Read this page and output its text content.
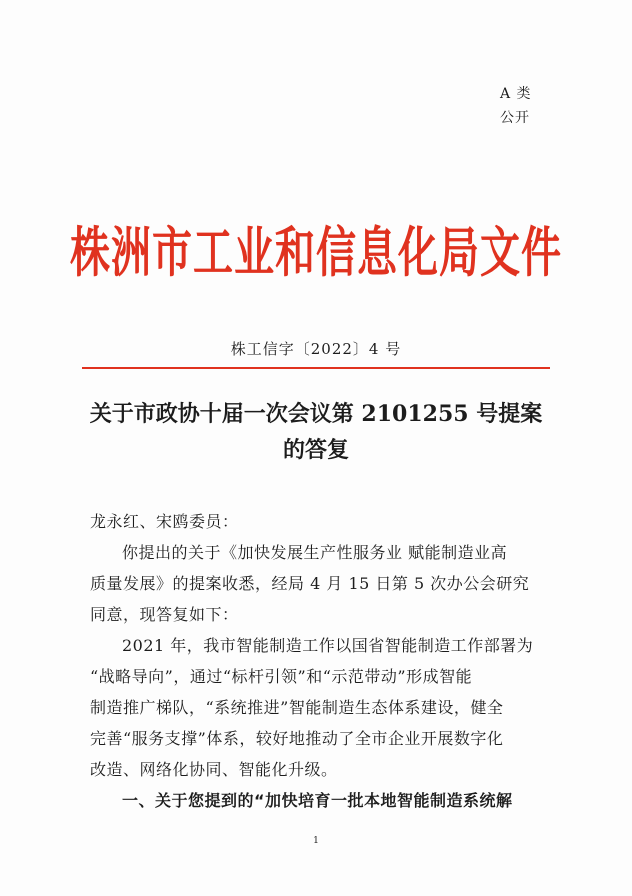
A 类
公开
株洲市工业和信息化局文件
株工信字〔2022〕4 号
关于市政协十届一次会议第 2101255 号提案
的答复

龙永红、宋鸥委员：

你提出的关于《加快发展生产性服务业 赋能制造业高

质量发展》的提案收悉，经局 4 月 15 日第 5 次办公会研究

同意，现答复如下：

2021 年，我市智能制造工作以国省智能制造工作部署为

“战略导向”，通过“标杆引领”和“示范带动”形成智能

制造推广梯队，“系统推进”智能制造生态体系建设，健全

完善“服务支撑”体系，较好地推动了全市企业开展数字化

改造、网络化协同、智能化升级。

一、关于您提到的“加快培育一批本地智能制造系统解
1
